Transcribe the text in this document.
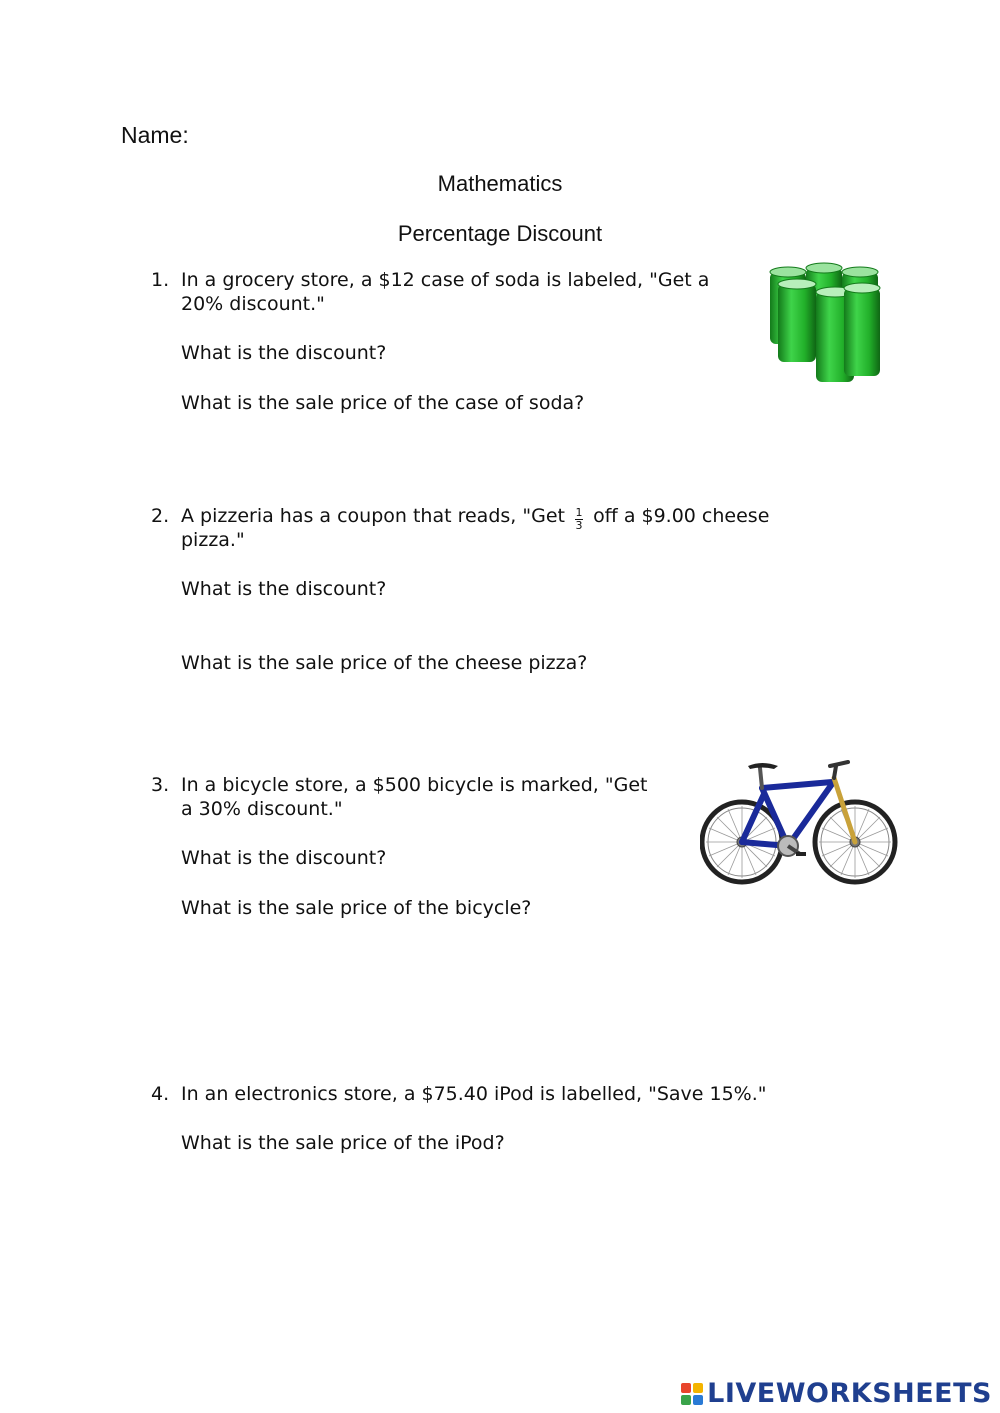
Name:
Mathematics
Percentage Discount
1. In a grocery store, a $12 case of soda is labeled, "Get a
20% discount."
What is the discount?
What is the sale price of the case of soda?
2. A pizzeria has a coupon that reads, "Get $\frac{1}{3}$ off a $9.00 cheese
pizza."
What is the discount?
What is the sale price of the cheese pizza?
3. In a bicycle store, a $500 bicycle is marked, "Get
a 30% discount."
What is the discount?
What is the sale price of the bicycle?
4. In an electronics store, a $75.40 iPod is labelled, "Save 15%."
What is the sale price of the iPod?
LIVEWORKSHEETS
